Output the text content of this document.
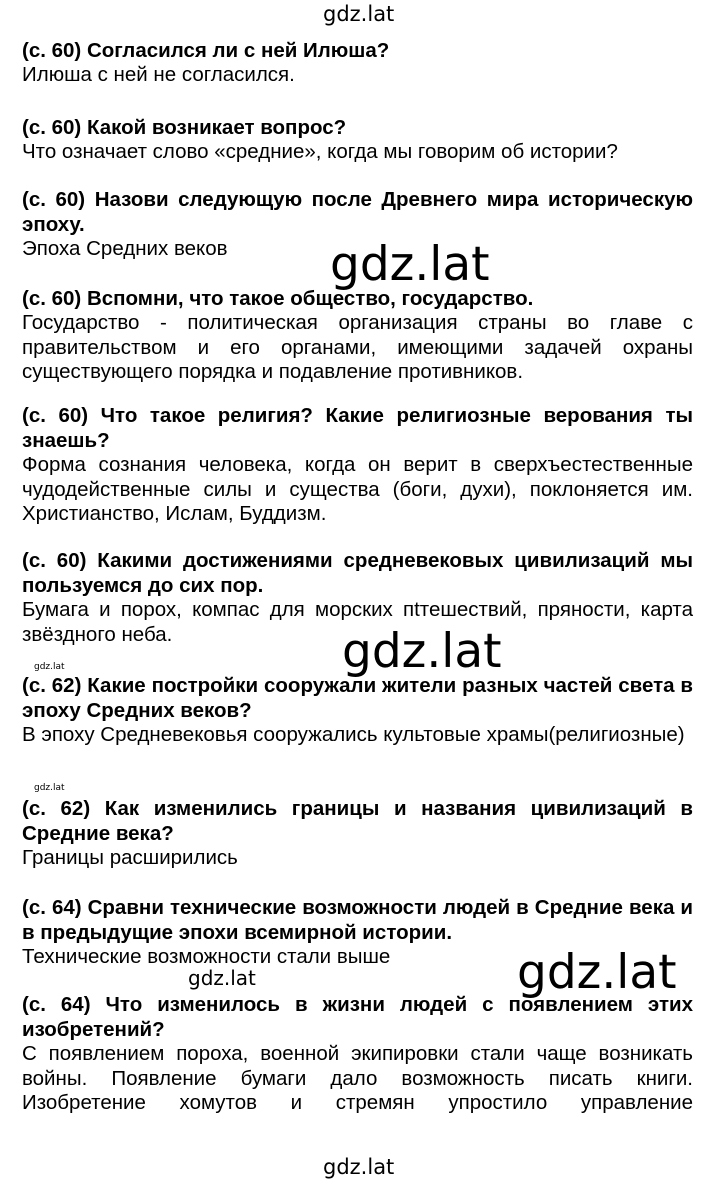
gdz.lat
gdz.lat
gdz.lat
gdz.lat
gdz.lat
gdz.lat
gdz.lat
gdz.lat

(с. 60) Согласился ли с ней Илюша?

Илюша с ней не согласился.

(с. 60) Какой возникает вопрос?

Что означает слово «средние», когда мы говорим об истории?

(с. 60) Назови следующую после Древнего мира историческую эпоху.

Эпоха Средних веков

(с. 60) Вспомни, что такое общество, государство.

Государство - политическая организация страны во главе с правительством и его органами, имеющими задачей охраны существующего порядка и подавление противников.

(с. 60) Что такое религия? Какие религиозные верования ты знаешь?

Форма сознания человека, когда он верит в сверхъестественные чудодейственные силы и существа (боги, духи), поклоняется им. Христианство, Ислам, Буддизм.

(с. 60) Какими достижениями средневековых цивилизаций мы пользуемся до сих пор.

Бумага и порох, компас для морских пtтешествий, пряности, карта звёздного неба.

(с. 62) Какие постройки сооружали жители разных частей света в эпоху Средних веков?

В эпоху Средневековья сооружались культовые храмы(религиозные)

(с. 62) Как изменились границы и названия цивилизаций в Средние века?

Границы расширились

(с. 64) Сравни технические возможности людей в Средние века и в предыдущие эпохи всемирной истории.

Технические возможности стали выше

(с. 64) Что изменилось в жизни людей с появлением этих изобретений?

С появлением пороха, военной экипировки стали чаще возникать войны. Появление бумаги дало возможность писать книги. Изобретение хомутов и стремян упростило управление
